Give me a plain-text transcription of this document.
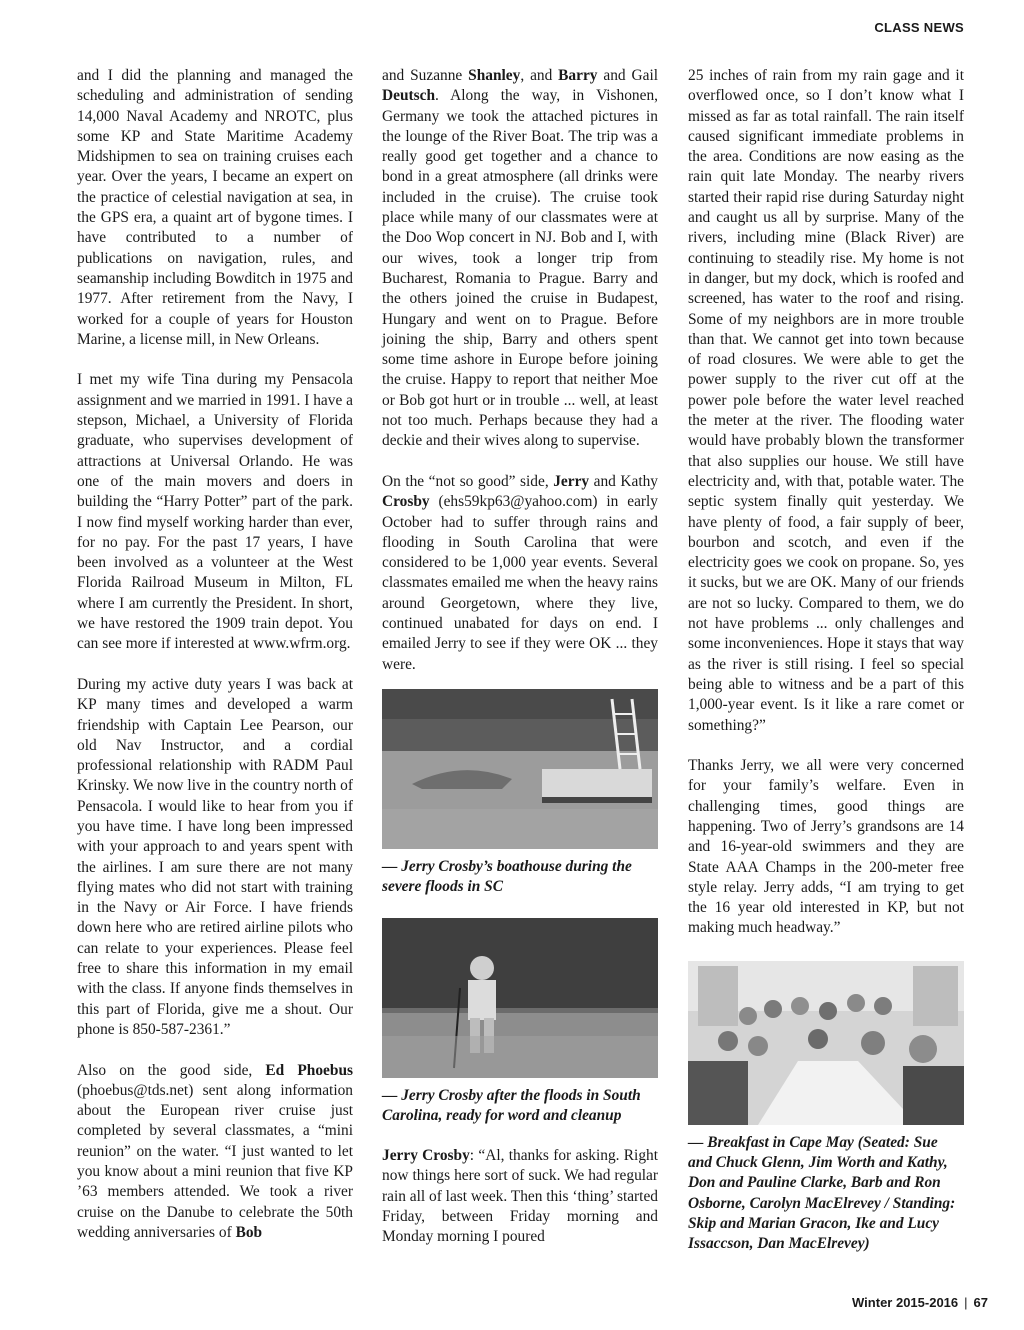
CLASS NEWS

and I did the planning and managed the scheduling and administration of sending 14,000 Naval Academy and NROTC, plus some KP and State Maritime Academy Midshipmen to sea on training cruises each year. Over the years, I became an expert on the practice of celestial navigation at sea, in the GPS era, a quaint art of bygone times. I have contributed to a number of publications on navigation, rules, and seamanship including Bowditch in 1975 and 1977. After retirement from the Navy, I worked for a couple of years for Houston Marine, a license mill, in New Orleans.

I met my wife Tina during my Pensacola assignment and we married in 1991. I have a stepson, Michael, a University of Florida graduate, who supervises development of attractions at Universal Orlando. He was one of the main movers and doers in building the “Harry Potter” part of the park. I now find myself working harder than ever, for no pay. For the past 17 years, I have been involved as a volunteer at the West Florida Railroad Museum in Milton, FL where I am currently the President. In short, we have restored the 1909 train depot. You can see more if interested at www.wfrm.org.

During my active duty years I was back at KP many times and developed a warm friendship with Captain Lee Pearson, our old Nav Instructor, and a cordial professional relationship with RADM Paul Krinsky. We now live in the country north of Pensacola. I would like to hear from you if you have time. I have long been impressed with your approach to and years spent with the airlines. I am sure there are not many flying mates who did not start with training in the Navy or Air Force. I have friends down here who are retired airline pilots who can relate to your experiences. Please feel free to share this information in my email with the class. If anyone finds themselves in this part of Florida, give me a shout. Our phone is 850-587-2361.”

Also on the good side, Ed Phoebus (phoebus@tds.net) sent along information about the European river cruise just completed by several classmates, a “mini reunion” on the water. “I just wanted to let you know about a mini reunion that five KP ’63 members attended. We took a river cruise on the Danube to celebrate the 50th wedding anniversaries of Bob

and Suzanne Shanley, and Barry and Gail Deutsch. Along the way, in Vishonen, Germany we took the attached pictures in the lounge of the River Boat. The trip was a really good get together and a chance to bond in a great atmosphere (all drinks were included in the cruise). The cruise took place while many of our classmates were at the Doo Wop concert in NJ. Bob and I, with our wives, took a longer trip from Bucharest, Romania to Prague. Barry and the others joined the cruise in Budapest, Hungary and went on to Prague. Before joining the ship, Barry and others spent some time ashore in Europe before joining the cruise. Happy to report that neither Moe or Bob got hurt or in trouble ... well, at least not too much. Perhaps because they had a deckie and their wives along to supervise.

On the “not so good” side, Jerry and Kathy Crosby (ehs59kp63@yahoo.com) in early October had to suffer through rains and flooding in South Carolina that were considered to be 1,000 year events. Several classmates emailed me when the heavy rains around Georgetown, where they live, continued unabated for days on end. I emailed Jerry to see if they were OK ... they were.

— Jerry Crosby’s boathouse during the severe floods in SC
— Jerry Crosby after the floods in South Carolina, ready for word and cleanup

Jerry Crosby: “Al, thanks for asking. Right now things here sort of suck. We had regular rain all of last week. Then this ‘thing’ started Friday, between Friday morning and Monday morning I poured

25 inches of rain from my rain gage and it overflowed once, so I don’t know what I missed as far as total rainfall. The rain itself caused significant immediate problems in the area. Conditions are now easing as the rain quit late Monday. The nearby rivers started their rapid rise during Saturday night and caught us all by surprise. Many of the rivers, including mine (Black River) are continuing to steadily rise. My home is not in danger, but my dock, which is roofed and screened, has water to the roof and rising. Some of my neighbors are in more trouble than that. We cannot get into town because of road closures. We were able to get the power supply to the river cut off at the power pole before the water level reached the meter at the river. The flooding water would have probably blown the transformer that also supplies our house. We still have electricity and, with that, potable water. The septic system finally quit yesterday. We have plenty of food, a fair supply of beer, bourbon and scotch, and even if the electricity goes we cook on propane. So, yes it sucks, but we are OK. Many of our friends are not so lucky. Compared to them, we do not have problems ... only challenges and some inconveniences. Hope it stays that way as the river is still rising. I feel so special being able to witness and be a part of this 1,000-year event. Is it like a rare comet or something?”

Thanks Jerry, we all were very concerned for your family’s welfare. Even in challenging times, good things are happening. Two of Jerry’s grandsons are 14 and 16-year-old swimmers and they are State AAA Champs in the 200-meter free style relay. Jerry adds, “I am trying to get the 16 year old interested in KP, but not making much headway.”

— Breakfast in Cape May (Seated: Sue and Chuck Glenn, Jim Worth and Kathy, Don and Pauline Clarke, Barb and Ron Osborne, Carolyn MacElrevey / Standing: Skip and Marian Gracon, Ike and Lucy Issaccson, Dan MacElrevey)
Winter 2015-2016 | 67
